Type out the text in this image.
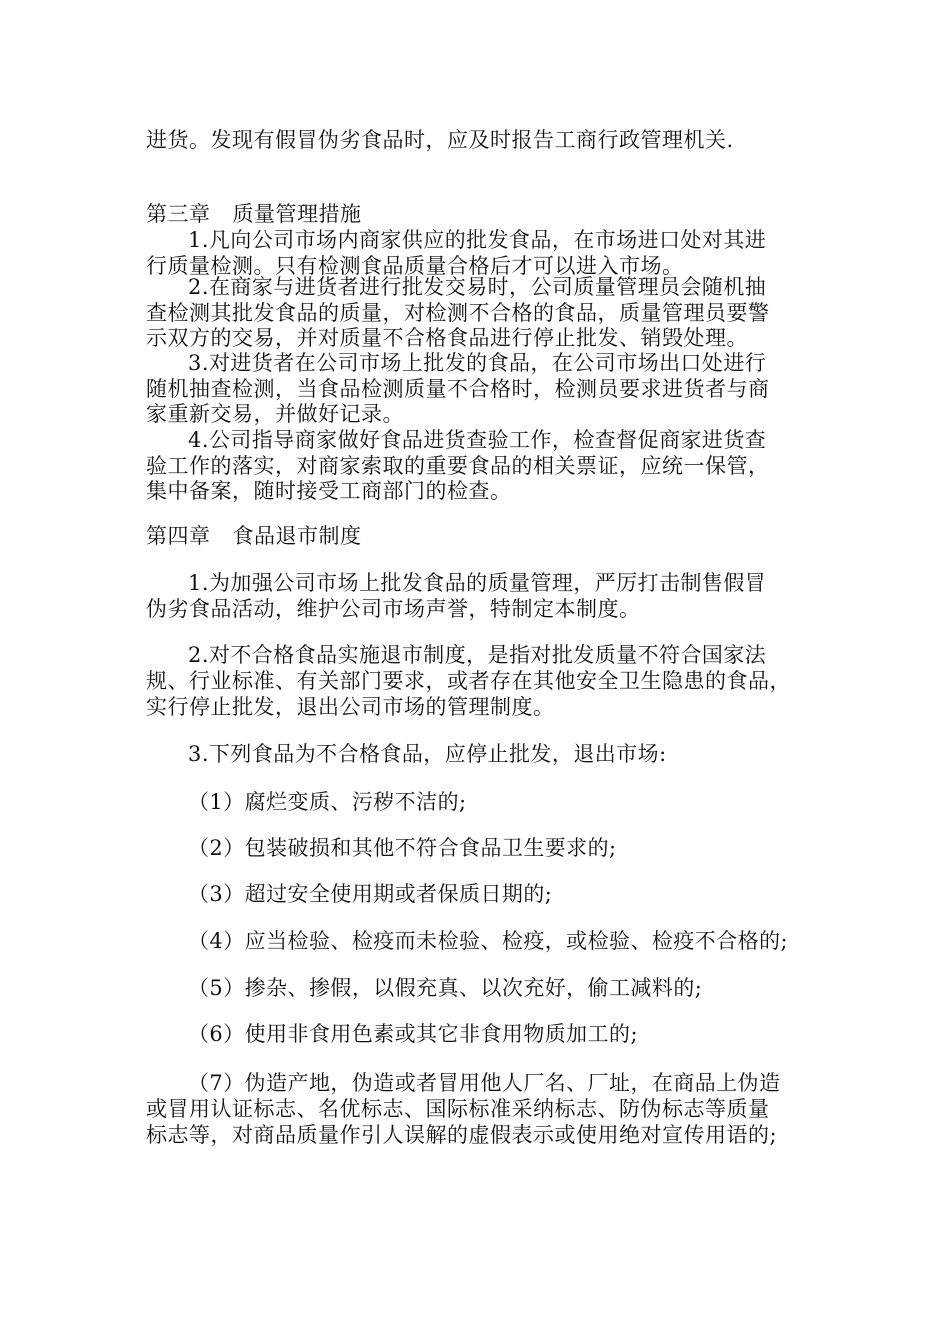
进货。发现有假冒伪劣食品时，应及时报告工商行政管理机关.
第三章 质量管理措施
1.凡向公司市场内商家供应的批发食品，在市场进口处对其进
行质量检测。只有检测食品质量合格后才可以进入市场。
2.在商家与进货者进行批发交易时，公司质量管理员会随机抽
查检测其批发食品的质量，对检测不合格的食品，质量管理员要警
示双方的交易，并对质量不合格食品进行停止批发、销毁处理。
3.对进货者在公司市场上批发的食品，在公司市场出口处进行
随机抽查检测，当食品检测质量不合格时，检测员要求进货者与商
家重新交易，并做好记录。
4.公司指导商家做好食品进货查验工作，检查督促商家进货查
验工作的落实，对商家索取的重要食品的相关票证，应统一保管，
集中备案，随时接受工商部门的检查。
第四章 食品退市制度
1.为加强公司市场上批发食品的质量管理，严厉打击制售假冒
伪劣食品活动，维护公司市场声誉，特制定本制度。
2.对不合格食品实施退市制度，是指对批发质量不符合国家法
规、行业标准、有关部门要求，或者存在其他安全卫生隐患的食品，
实行停止批发，退出公司市场的管理制度。
3.下列食品为不合格食品，应停止批发，退出市场:
（1）腐烂变质、污秽不洁的;
（2）包装破损和其他不符合食品卫生要求的;
（3）超过安全使用期或者保质日期的;
（4）应当检验、检疫而未检验、检疫，或检验、检疫不合格的;
（5）掺杂、掺假，以假充真、以次充好，偷工减料的;
（6）使用非食用色素或其它非食用物质加工的;
（7）伪造产地，伪造或者冒用他人厂名、厂址，在商品上伪造
或冒用认证标志、名优标志、国际标准采纳标志、防伪标志等质量
标志等，对商品质量作引人误解的虚假表示或使用绝对宣传用语的;
